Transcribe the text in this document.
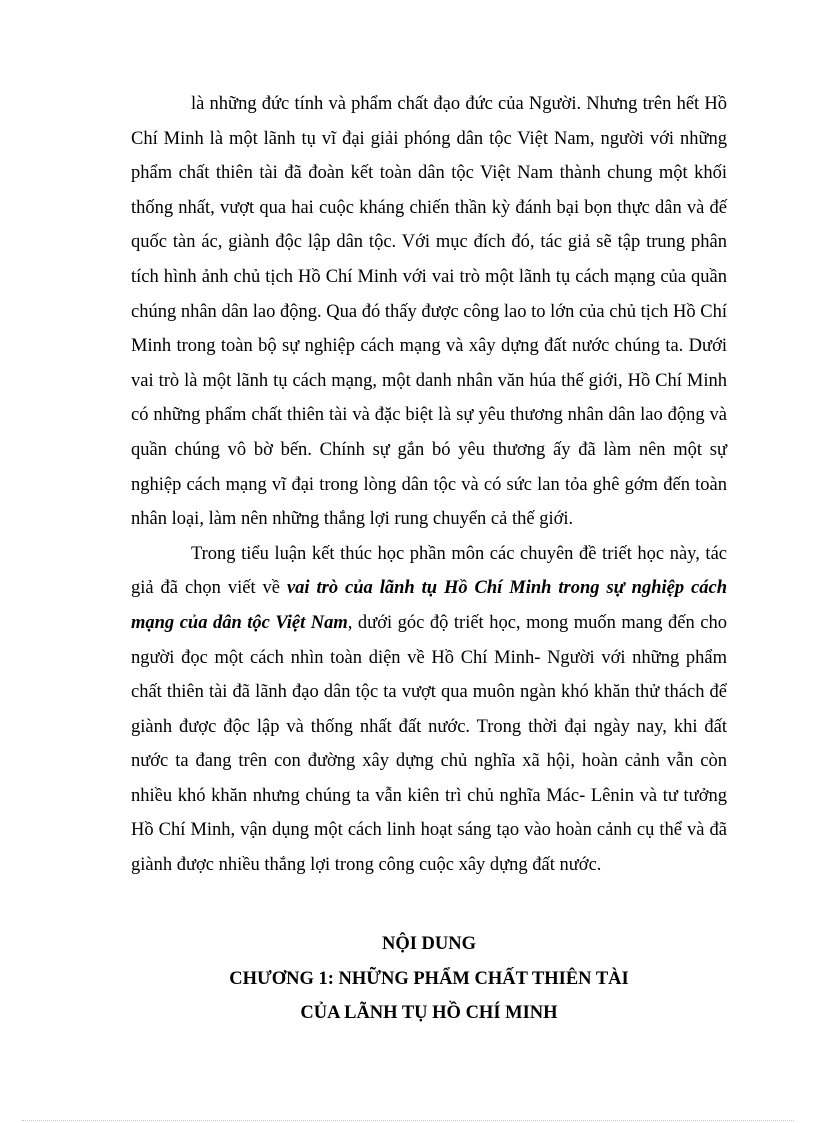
là những đức tính và phẩm chất đạo đức của Người. Nhưng trên hết Hồ Chí Minh là một lãnh tụ vĩ đại giải phóng dân tộc Việt Nam, người với những phẩm chất thiên tài đã đoàn kết toàn dân tộc Việt Nam thành chung một khối thống nhất, vượt qua hai cuộc kháng chiến thần kỳ đánh bại bọn thực dân và đế quốc tàn ác, giành độc lập dân tộc. Với mục đích đó, tác giả sẽ tập trung phân tích hình ảnh chủ tịch Hồ Chí Minh với vai trò một lãnh tụ cách mạng của quần chúng nhân dân lao động. Qua đó thấy được công lao to lớn của chủ tịch Hồ Chí Minh trong toàn bộ sự nghiệp cách mạng và xây dựng đất nước chúng ta. Dưới vai trò là một lãnh tụ cách mạng, một danh nhân văn húa thế giới, Hồ Chí Minh có những phẩm chất thiên tài và đặc biệt là sự yêu thương nhân dân lao động và quần chúng vô bờ bến. Chính sự gắn bó yêu thương ấy đã làm nên một sự nghiệp cách mạng vĩ đại trong lòng dân tộc và có sức lan tỏa ghê gớm đến toàn nhân loại, làm nên những thắng lợi rung chuyển cả thế giới.

Trong tiểu luận kết thúc học phần môn các chuyên đề triết học này, tác giả đã chọn viết về vai trò của lãnh tụ Hồ Chí Minh trong sự nghiệp cách mạng của dân tộc Việt Nam, dưới góc độ triết học, mong muốn mang đến cho người đọc một cách nhìn toàn diện về Hồ Chí Minh- Người với những phẩm chất thiên tài đã lãnh đạo dân tộc ta vượt qua muôn ngàn khó khăn thử thách để giành được độc lập và thống nhất đất nước. Trong thời đại ngày nay, khi đất nước ta đang trên con đường xây dựng chủ nghĩa xã hội, hoàn cảnh vẫn còn nhiều khó khăn nhưng chúng ta vẫn kiên trì chủ nghĩa Mác- Lênin và tư tưởng Hồ Chí Minh, vận dụng một cách linh hoạt sáng tạo vào hoàn cảnh cụ thể và đã giành được nhiều thắng lợi trong công cuộc xây dựng đất nước.

NỘI DUNG
CHƯƠNG 1: NHỮNG PHẨM CHẤT THIÊN TÀI
CỦA LÃNH TỤ HỒ CHÍ MINH
